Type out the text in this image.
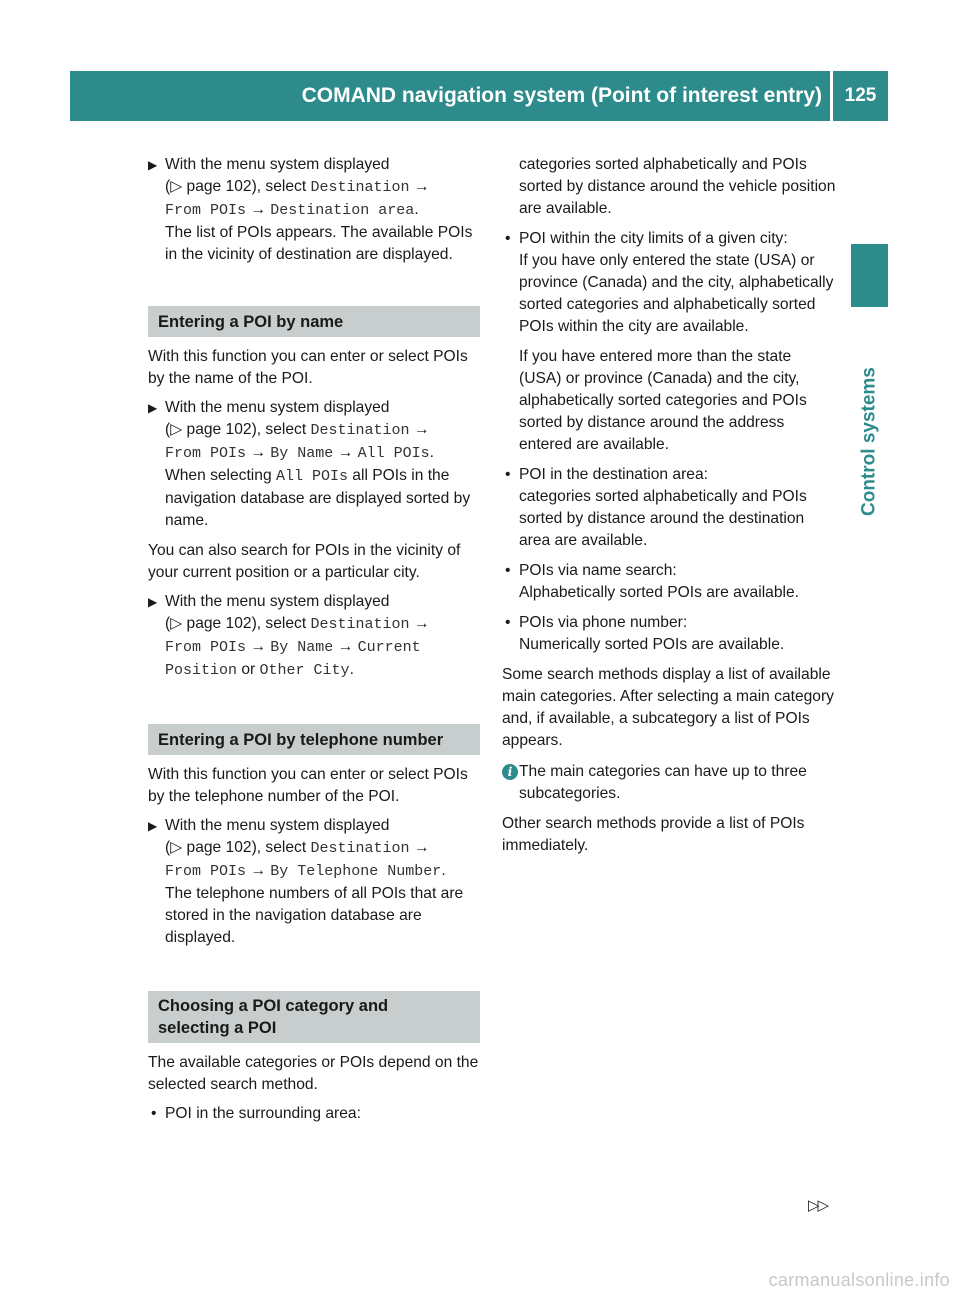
COMAND navigation system (Point of interest entry)	125
Control systems
▶ With the menu system displayed
(▷ page 102), select Destination →
From POIs → Destination area.

The list of POIs appears. The available POIs in the vicinity of destination are displayed.

Entering a POI by name

With this function you can enter or select POIs by the name of the POI.

▶ With the menu system displayed
(▷ page 102), select Destination →
From POIs → By Name → All POIs.

When selecting All POIs all POIs in the navigation database are displayed sorted by name.

You can also search for POIs in the vicinity of your current position or a particular city.

▶ With the menu system displayed
(▷ page 102), select Destination →
From POIs → By Name → Current
Position or Other City.
Entering a POI by telephone number

With this function you can enter or select POIs by the telephone number of the POI.

▶ With the menu system displayed
(▷ page 102), select Destination →
From POIs → By Telephone Number.

The telephone numbers of all POIs that are stored in the navigation database are displayed.

Choosing a POI category and
selecting a POI

The available categories or POIs depend on the selected search method.

• POI in the surrounding area:

categories sorted alphabetically and POIs sorted by distance around the vehicle position are available.

• POI within the city limits of a given city:
If you have only entered the state (USA) or province (Canada) and the city, alphabetically sorted categories and alphabetically sorted POIs within the city are available.

If you have entered more than the state (USA) or province (Canada) and the city, alphabetically sorted categories and POIs sorted by distance around the address entered are available.

• POI in the destination area:
categories sorted alphabetically and POIs sorted by distance around the destination area are available.
• POIs via name search:
Alphabetically sorted POIs are available.
• POIs via phone number:
Numerically sorted POIs are available.

Some search methods display a list of available main categories. After selecting a main category and, if available, a subcategory a list of POIs appears.

i The main categories can have up to three subcategories.

Other search methods provide a list of POIs immediately.

▷▷
carmanualsonline.info
